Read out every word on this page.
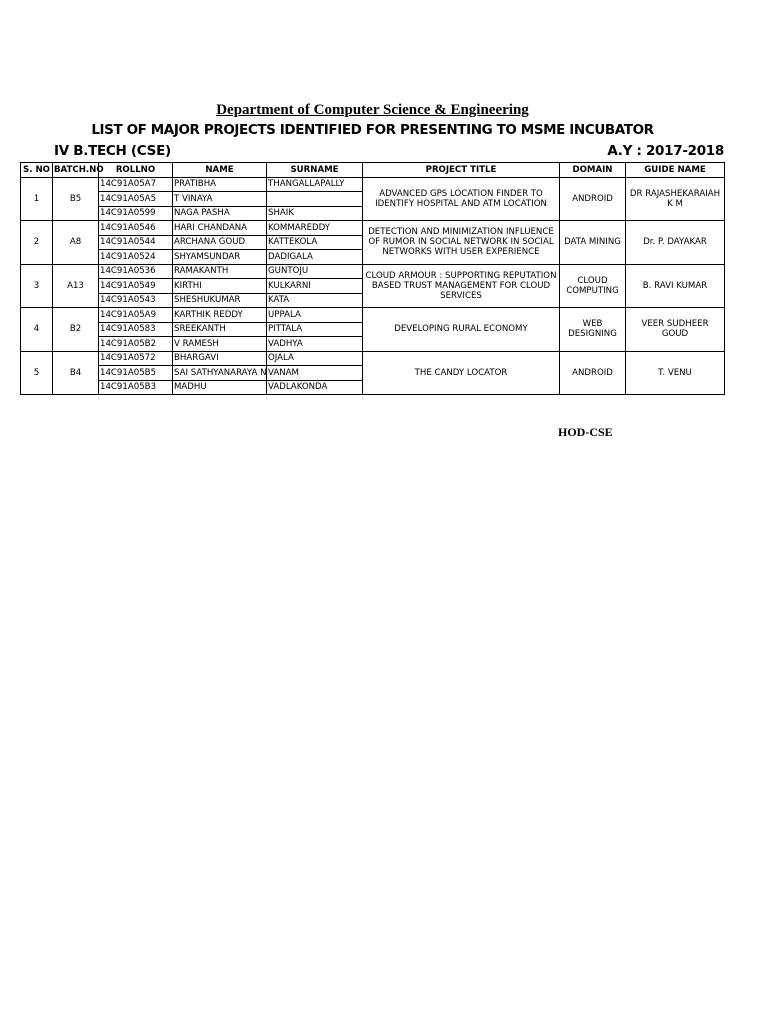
Department of Computer Science & Engineering
LIST OF MAJOR PROJECTS IDENTIFIED FOR PRESENTING TO MSME INCUBATOR
IV B.TECH (CSE)	A.Y : 2017-2018
S. NO	BATCH.NO	ROLLNO	NAME	SURNAME	PROJECT TITLE	DOMAIN	GUIDE NAME
1	B5	14C91A05A7	PRATIBHA	THANGALLAPALLY	ADVANCED GPS LOCATION FINDER TO IDENTIFY HOSPITAL AND ATM LOCATION	ANDROID	DR RAJASHEKARAIAH K M
		14C91A05A5	T VINAYA				
		14C91A0599	NAGA PASHA	SHAIK			
2	A8	14C91A0546	HARI CHANDANA	KOMMAREDDY	DETECTION AND MINIMIZATION INFLUENCE OF RUMOR IN SOCIAL NETWORK IN SOCIAL NETWORKS WITH USER EXPERIENCE	DATA MINING	Dr. P. DAYAKAR
		14C91A0544	ARCHANA GOUD	KATTEKOLA			
		14C91A0524	SHYAMSUNDAR	DADIGALA			
3	A13	14C91A0536	RAMAKANTH	GUNTOJU	CLOUD ARMOUR : SUPPORTING REPUTATION BASED TRUST MANAGEMENT FOR CLOUD SERVICES	CLOUD COMPUTING	B. RAVI KUMAR
		14C91A0549	KIRTHI	KULKARNI			
		14C91A0543	SHESHUKUMAR	KATA			
4	B2	14C91A05A9	KARTHIK REDDY	UPPALA	DEVELOPING RURAL ECONOMY	WEB DESIGNING	VEER SUDHEER GOUD
		14C91A0583	SREEKANTH	PITTALA			
		14C91A05B2	V RAMESH	VADHYA			
5	B4	14C91A0572	BHARGAVI	OJALA	THE CANDY LOCATOR	ANDROID	T. VENU
		14C91A05B5	SAI SATHYANARAYA N	VANAM			
		14C91A05B3	MADHU	VADLAKONDA			
HOD-CSE
